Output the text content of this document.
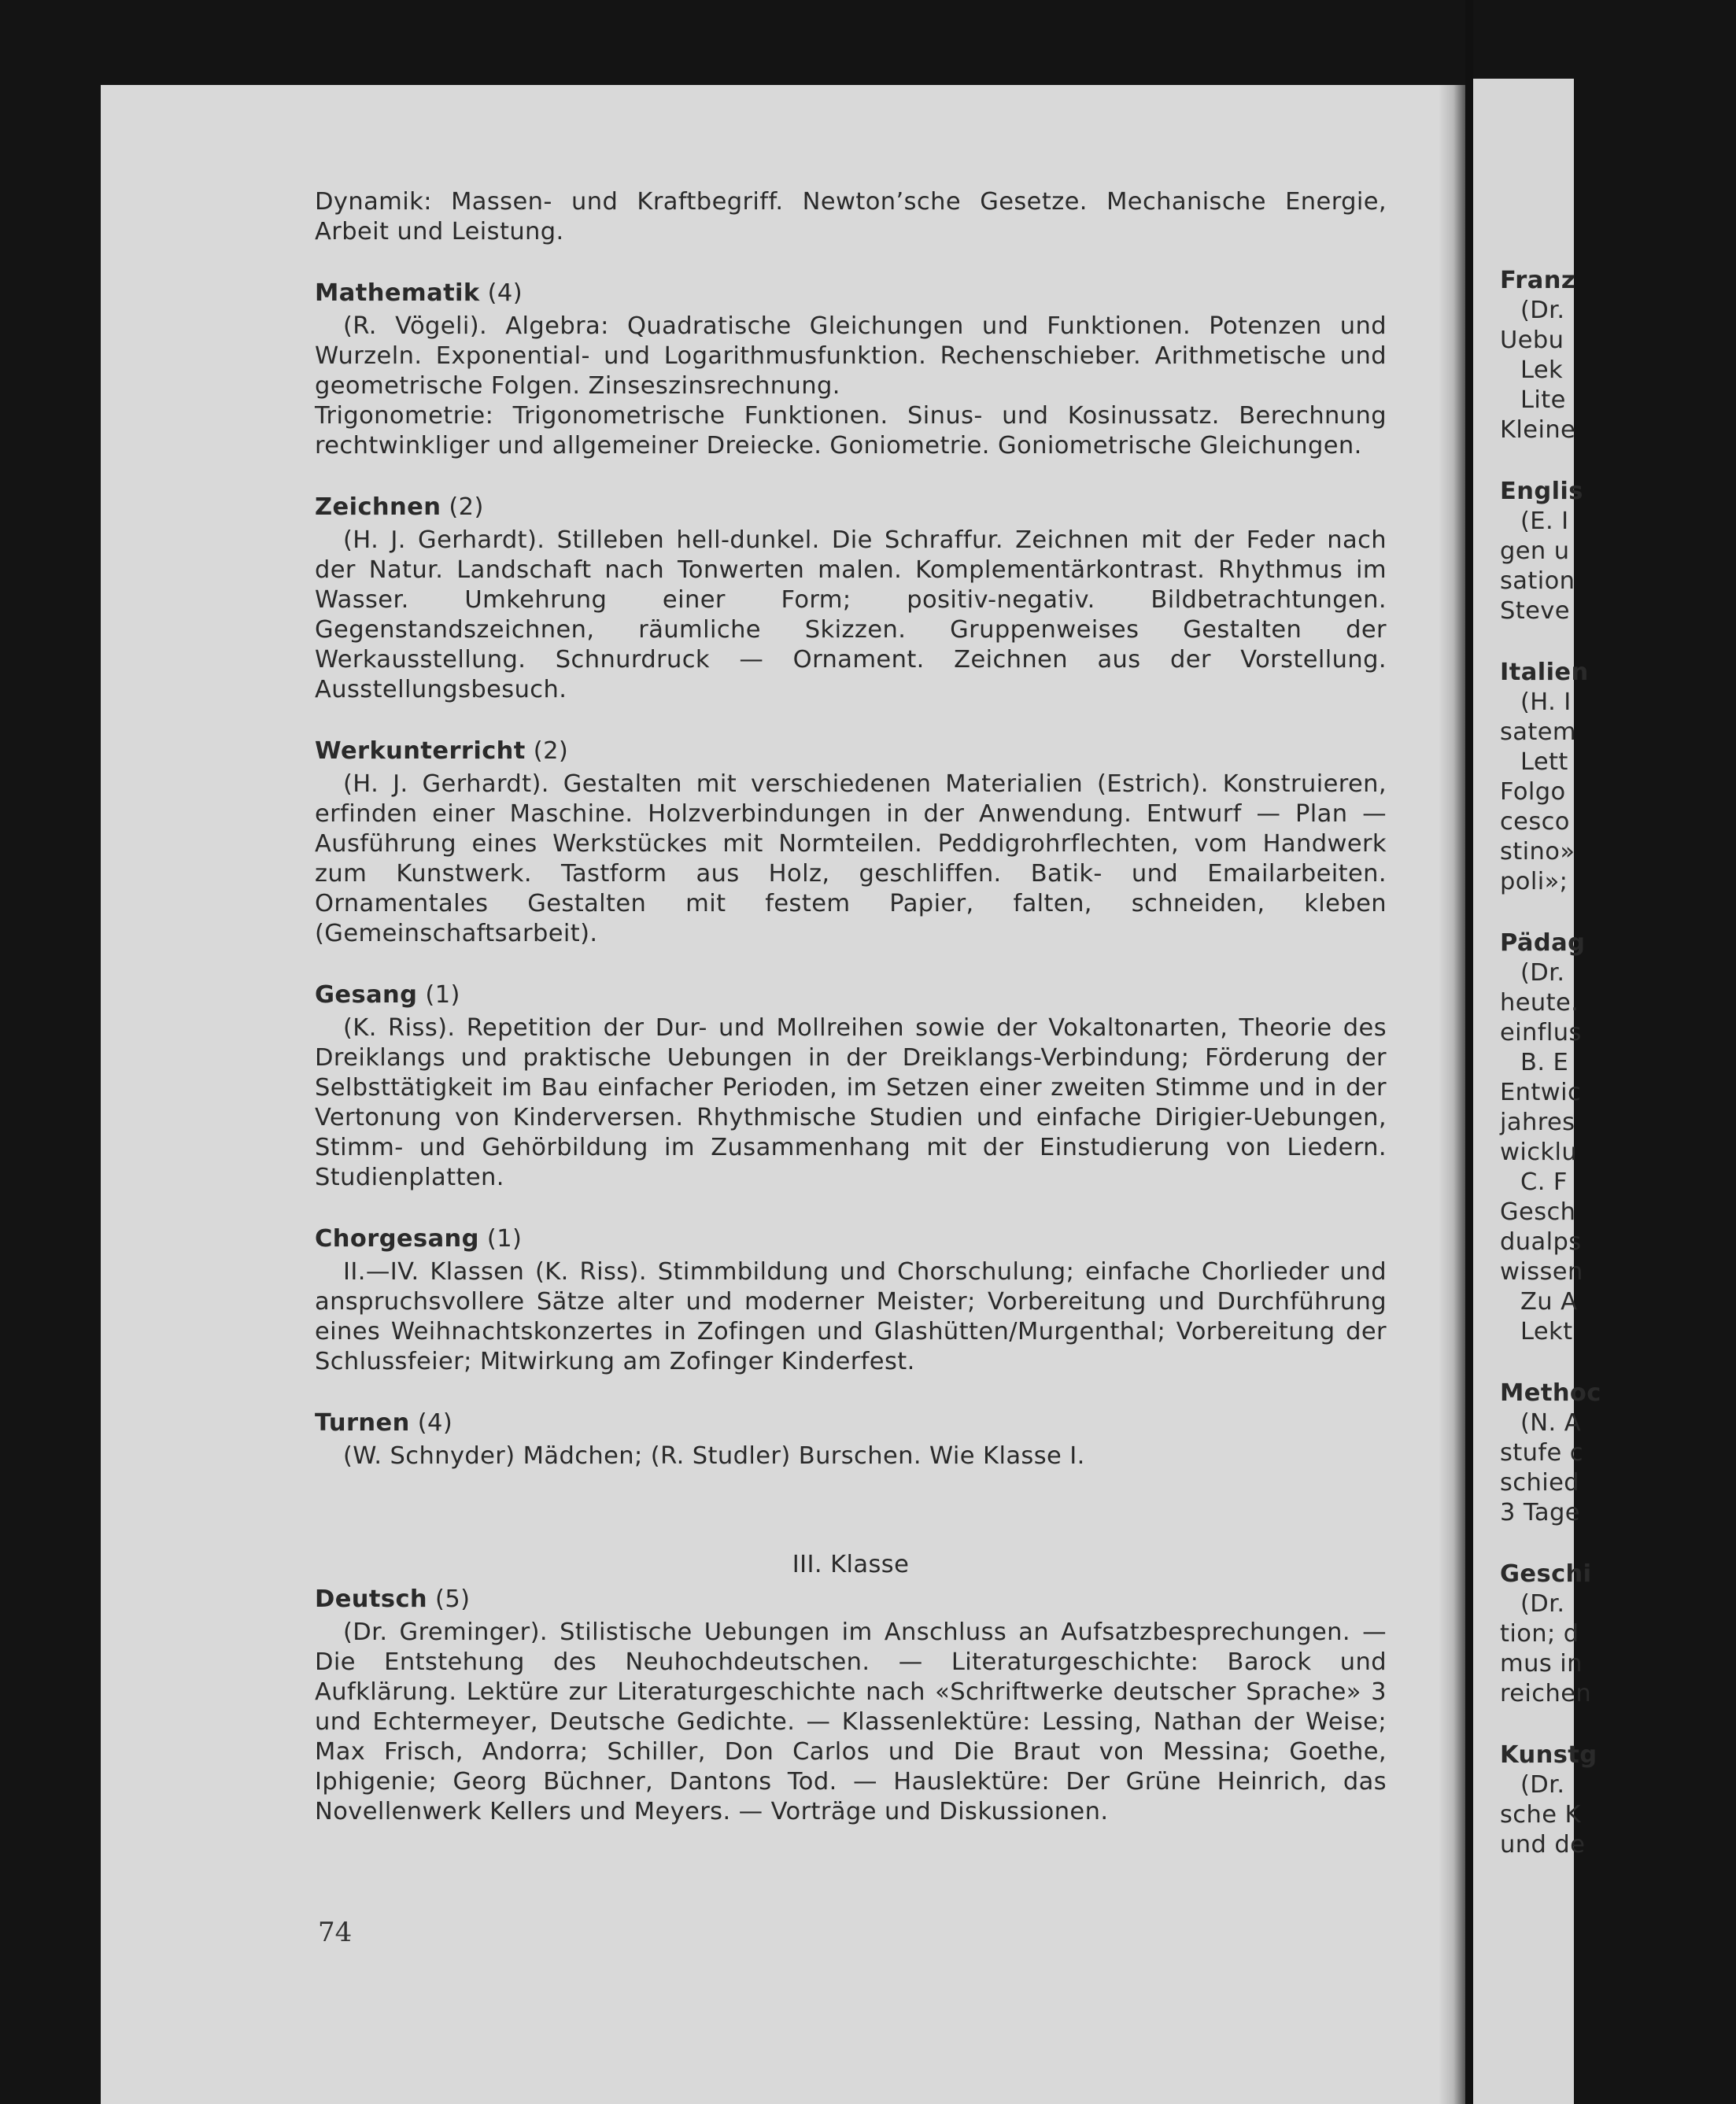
Franz
(Dr.
Uebu
Lek
Lite
Kleine
Englis
(E. I
gen u
sation
Steve
Italien
(H. I
satem
Lett
Folgo
cesco
stino»
poli»;
Pädag
(Dr.
heute.
einflus
B. E
Entwic
jahres
wicklu
C. F
Gesch
dualps
wissen
Zu A
Lekt
Methoc
(N. A
stufe c
schied
3 Tage
Geschi
(Dr.
tion; d
mus in
reichen
Kunstg
(Dr.
sche K
und de

Dynamik: Massen- und Kraftbegriff. Newton’sche Gesetze. Mechanische Energie, Arbeit und Leistung.

Mathematik (4)

(R. Vögeli). Algebra: Quadratische Gleichungen und Funktionen. Potenzen und Wurzeln. Exponential- und Logarithmusfunktion. Rechenschieber. Arithmetische und geometrische Folgen. Zinseszinsrechnung.

Trigonometrie: Trigonometrische Funktionen. Sinus- und Kosinussatz. Berechnung rechtwinkliger und allgemeiner Dreiecke. Goniometrie. Goniometrische Gleichungen.

Zeichnen (2)

(H. J. Gerhardt). Stilleben hell-dunkel. Die Schraffur. Zeichnen mit der Feder nach der Natur. Landschaft nach Tonwerten malen. Komplementärkontrast. Rhythmus im Wasser. Umkehrung einer Form; positiv-negativ. Bildbetrachtungen. Gegenstandszeichnen, räumliche Skizzen. Gruppenweises Gestalten der Werkausstellung. Schnurdruck — Ornament. Zeichnen aus der Vorstellung. Ausstellungsbesuch.

Werkunterricht (2)

(H. J. Gerhardt). Gestalten mit verschiedenen Materialien (Estrich). Konstruieren, erfinden einer Maschine. Holzverbindungen in der Anwendung. Entwurf — Plan — Ausführung eines Werkstückes mit Normteilen. Peddigrohrflechten, vom Handwerk zum Kunstwerk. Tastform aus Holz, geschliffen. Batik- und Emailarbeiten. Ornamentales Gestalten mit festem Papier, falten, schneiden, kleben (Gemeinschaftsarbeit).

Gesang (1)

(K. Riss). Repetition der Dur- und Mollreihen sowie der Vokaltonarten, Theorie des Dreiklangs und praktische Uebungen in der Dreiklangs-Verbindung; Förderung der Selbsttätigkeit im Bau einfacher Perioden, im Setzen einer zweiten Stimme und in der Vertonung von Kinderversen. Rhythmische Studien und einfache Dirigier-Uebungen, Stimm- und Gehörbildung im Zusammenhang mit der Einstudierung von Liedern. Studienplatten.

Chorgesang (1)

II.—IV. Klassen (K. Riss). Stimmbildung und Chorschulung; einfache Chorlieder und anspruchsvollere Sätze alter und moderner Meister; Vorbereitung und Durchführung eines Weihnachtskonzertes in Zofingen und Glashütten/Murgenthal; Vorbereitung der Schlussfeier; Mitwirkung am Zofinger Kinderfest.

Turnen (4)

(W. Schnyder) Mädchen; (R. Studler) Burschen. Wie Klasse I.

III. Klasse
Deutsch (5)

(Dr. Greminger). Stilistische Uebungen im Anschluss an Aufsatzbesprechungen. — Die Entstehung des Neuhochdeutschen. — Literaturgeschichte: Barock und Aufklärung. Lektüre zur Literaturgeschichte nach «Schriftwerke deutscher Sprache» 3 und Echtermeyer, Deutsche Gedichte. — Klassenlektüre: Lessing, Nathan der Weise; Max Frisch, Andorra; Schiller, Don Carlos und Die Braut von Messina; Goethe, Iphigenie; Georg Büchner, Dantons Tod. — Hauslektüre: Der Grüne Heinrich, das Novellenwerk Kellers und Meyers. — Vorträge und Diskussionen.

74
